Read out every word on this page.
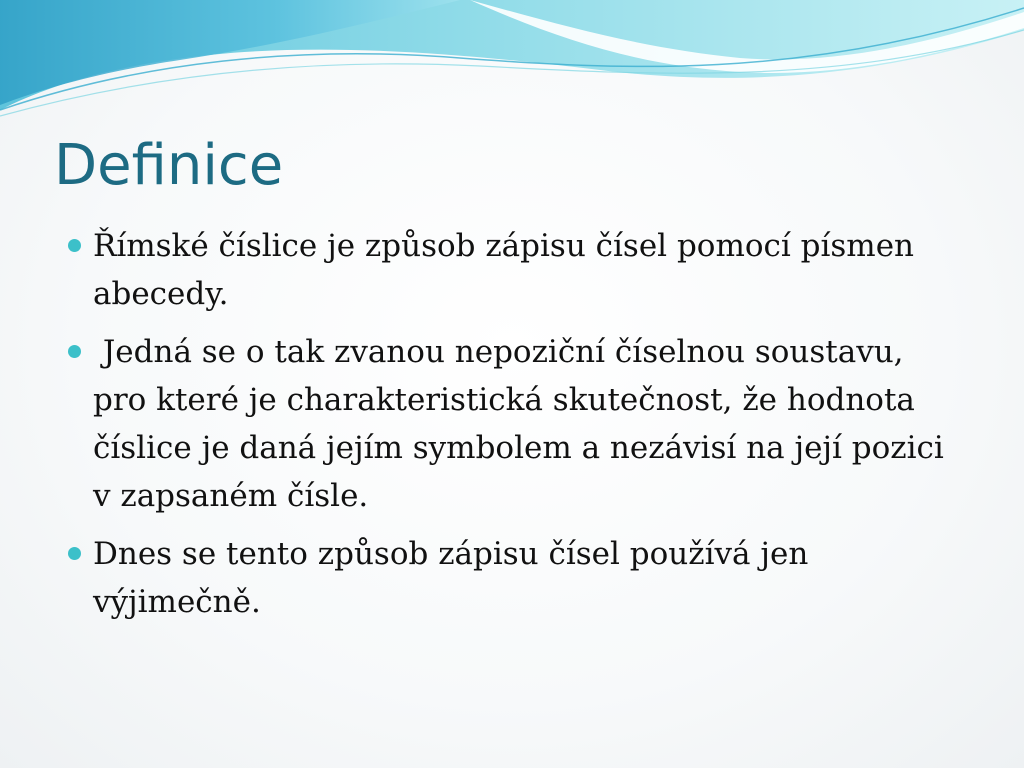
Definice
Římské číslice je způsob zápisu čísel pomocí písmen abecedy.
Jedná se o tak zvanou nepoziční číselnou soustavu, pro které je charakteristická skutečnost, že hodnota číslice je daná jejím symbolem a nezávisí na její pozici v zapsaném čísle.
Dnes se tento způsob zápisu čísel používá jen výjimečně.
